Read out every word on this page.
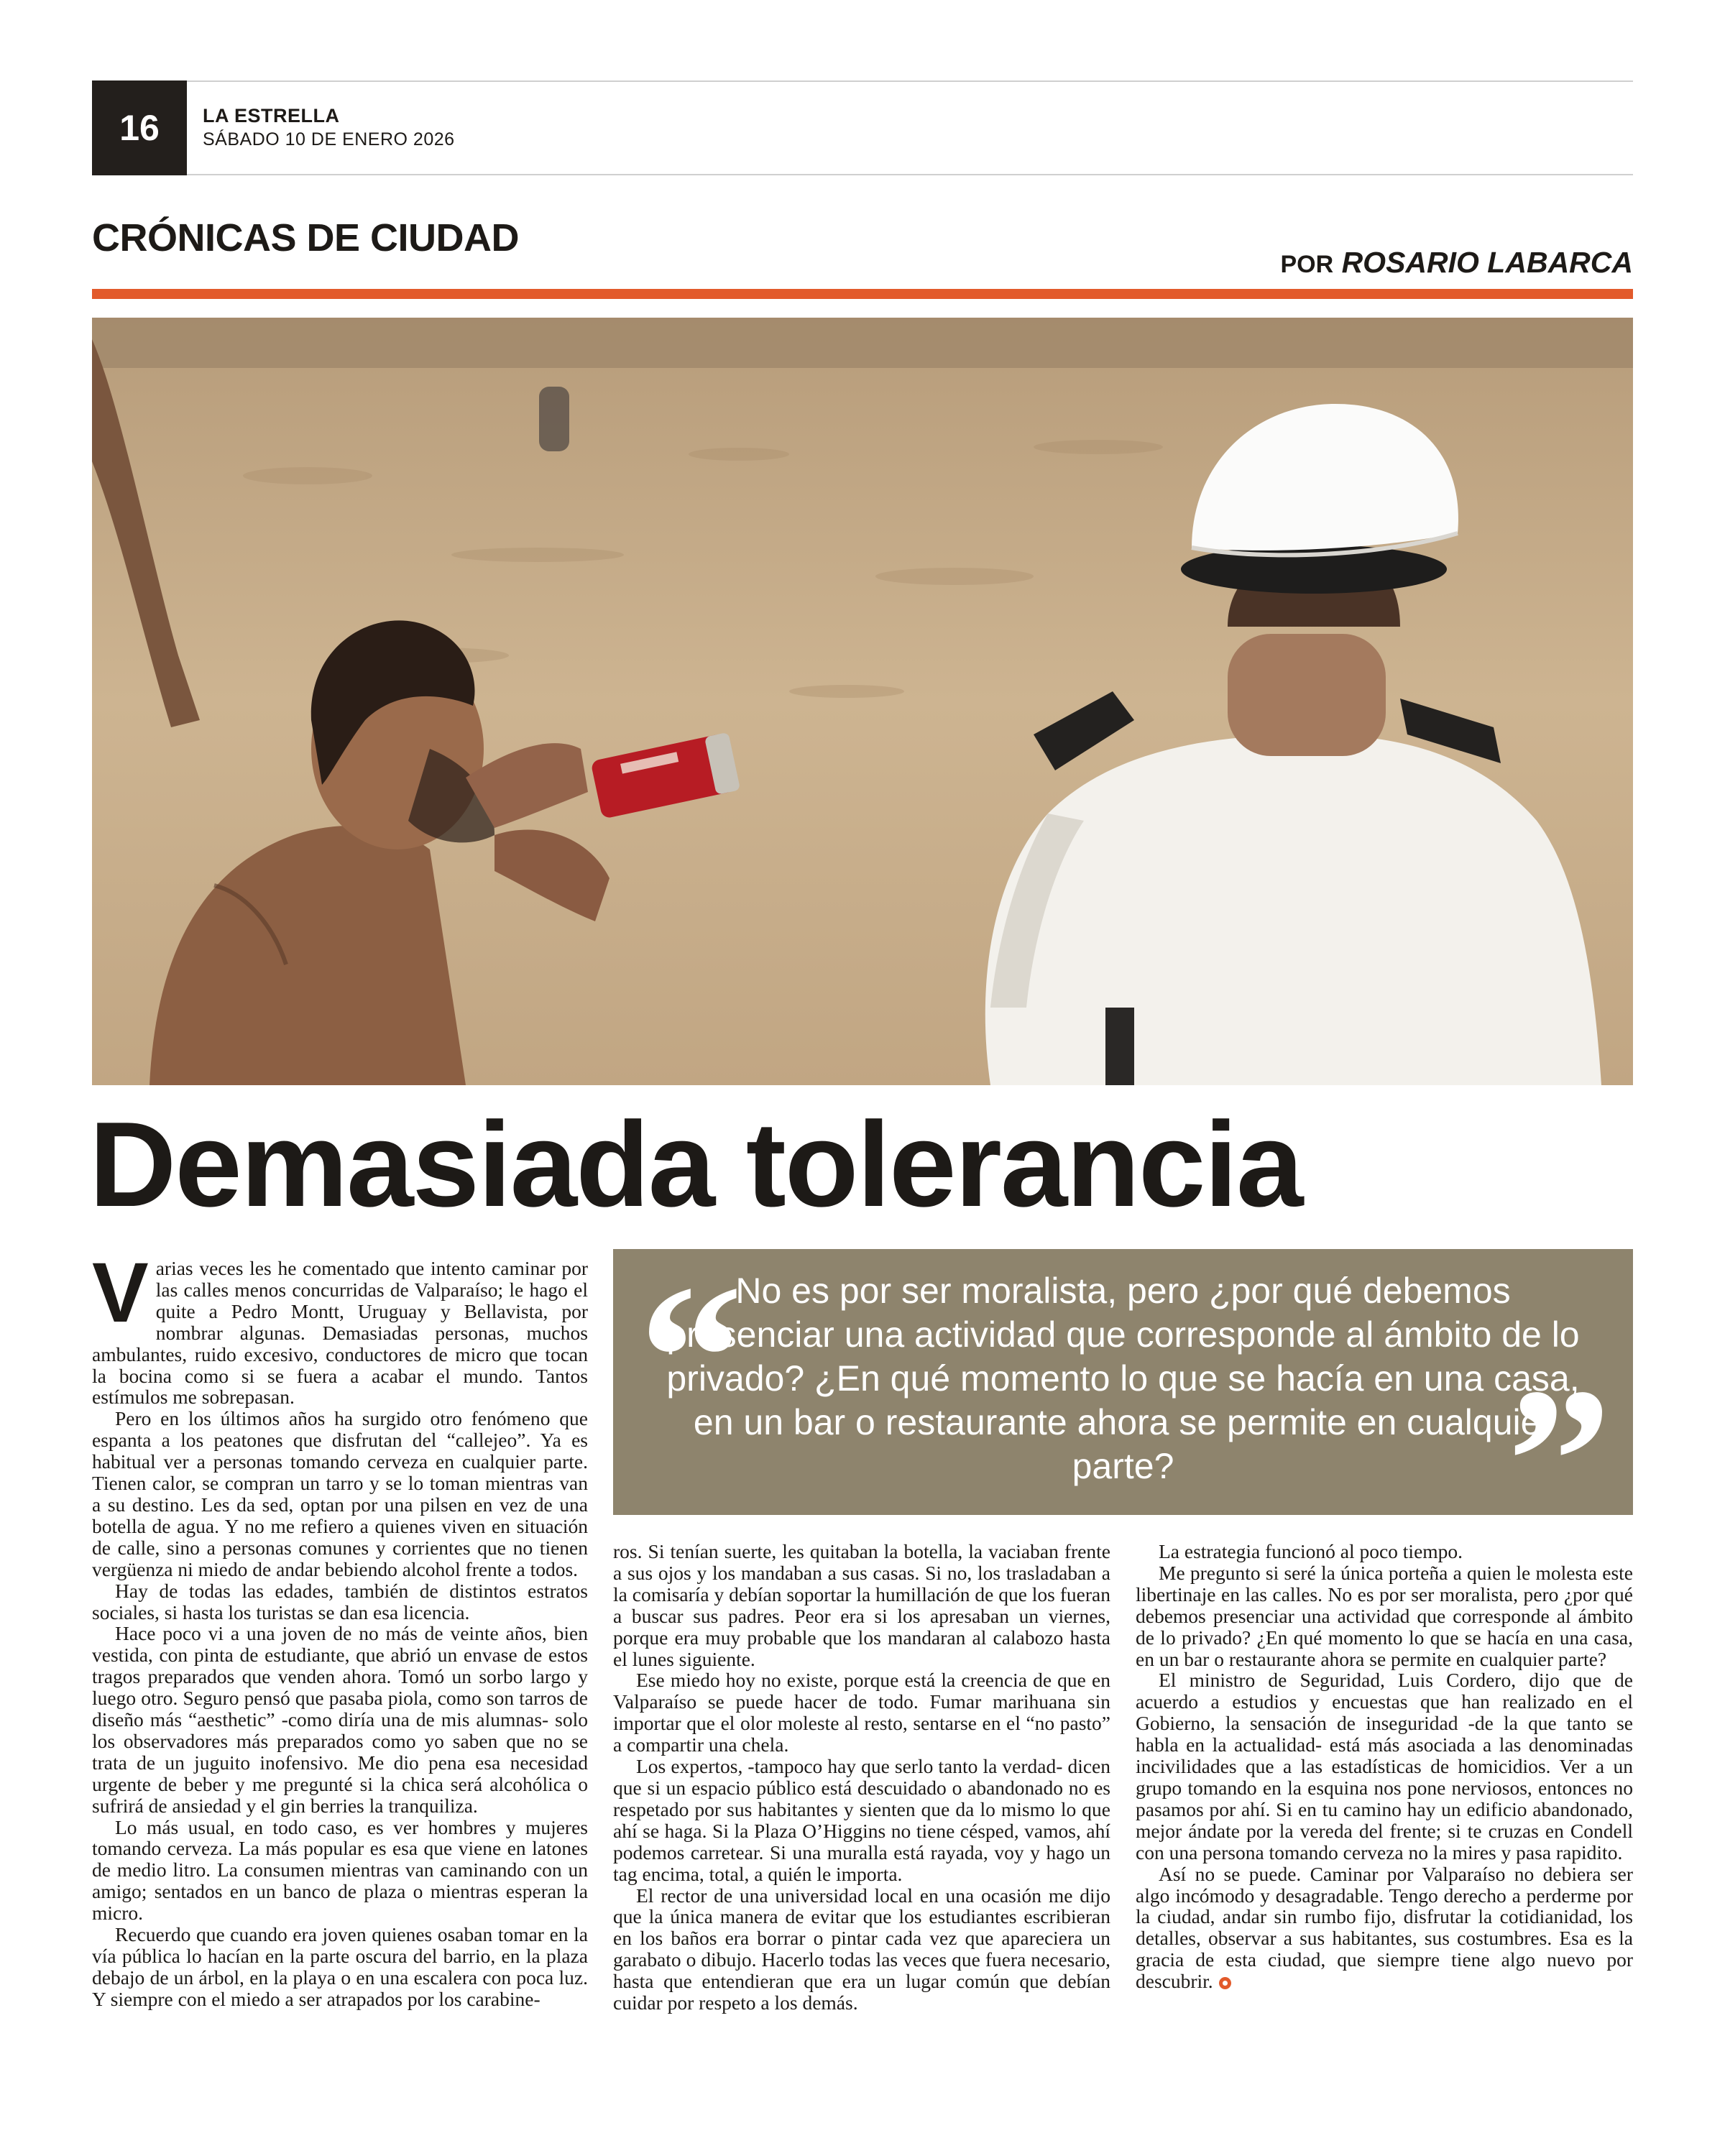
16	LA ESTRELLA
SÁBADO 10 DE ENERO 2026
CRÓNICAS DE CIUDAD
POR ROSARIO LABARCA
Demasiada tolerancia

Varias veces les he comentado que intento caminar por las calles menos concurridas de Valparaíso; le hago el quite a Pedro Montt, Uruguay y Bellavista, por nombrar algunas. Demasiadas personas, muchos ambulantes, ruido excesivo, conductores de micro que tocan la bocina como si se fuera a acabar el mundo. Tantos estímulos me sobrepasan.

Pero en los últimos años ha surgido otro fenómeno que espanta a los peatones que disfrutan del “callejeo”. Ya es habitual ver a personas tomando cerveza en cualquier parte. Tienen calor, se compran un tarro y se lo toman mientras van a su destino. Les da sed, optan por una pilsen en vez de una botella de agua. Y no me refiero a quienes viven en situación de calle, sino a personas comunes y corrientes que no tienen vergüenza ni miedo de andar bebiendo alcohol frente a todos.

Hay de todas las edades, también de distintos estratos sociales, si hasta los turistas se dan esa licencia.

Hace poco vi a una joven de no más de veinte años, bien vestida, con pinta de estudiante, que abrió un envase de estos tragos preparados que venden ahora. Tomó un sorbo largo y luego otro. Seguro pensó que pasaba piola, como son tarros de diseño más “aesthetic” -como diría una de mis alumnas- solo los observadores más preparados como yo saben que no se trata de un juguito inofensivo. Me dio pena esa necesidad urgente de beber y me pregunté si la chica será alcohólica o sufrirá de ansiedad y el gin berries la tranquiliza.

Lo más usual, en todo caso, es ver hombres y mujeres tomando cerveza. La más popular es esa que viene en latones de medio litro. La consumen mientras van caminando con un amigo; sentados en un banco de plaza o mientras esperan la micro.

Recuerdo que cuando era joven quienes osaban tomar en la vía pública lo hacían en la parte oscura del barrio, en la plaza debajo de un árbol, en la playa o en una escalera con poca luz. Y siempre con el miedo a ser atrapados por los carabine-

“
No es por ser moralista, pero ¿por qué debemos presenciar una actividad que corresponde al ámbito de lo privado? ¿En qué momento lo que se hacía en una casa, en un bar o restaurante ahora se permite en cualquier parte?	”

ros. Si tenían suerte, les quitaban la botella, la vaciaban frente a sus ojos y los mandaban a sus casas. Si no, los trasladaban a la comisaría y debían soportar la humillación de que los fueran a buscar sus padres. Peor era si los apresaban un viernes, porque era muy probable que los mandaran al calabozo hasta el lunes siguiente.

Ese miedo hoy no existe, porque está la creencia de que en Valparaíso se puede hacer de todo. Fumar marihuana sin importar que el olor moleste al resto, sentarse en el “no pasto” a compartir una chela.

Los expertos, -tampoco hay que serlo tanto la verdad- dicen que si un espacio público está descuidado o abandonado no es respetado por sus habitantes y sienten que da lo mismo lo que ahí se haga. Si la Plaza O’Higgins no tiene césped, vamos, ahí podemos carretear. Si una muralla está rayada, voy y hago un tag encima, total, a quién le importa.

El rector de una universidad local en una ocasión me dijo que la única manera de evitar que los estudiantes escribieran en los baños era borrar o pintar cada vez que apareciera un garabato o dibujo. Hacerlo todas las veces que fuera necesario, hasta que entendieran que era un lugar común que debían cuidar por respeto a los demás.

La estrategia funcionó al poco tiempo.

Me pregunto si seré la única porteña a quien le molesta este libertinaje en las calles. No es por ser moralista, pero ¿por qué debemos presenciar una actividad que corresponde al ámbito de lo privado? ¿En qué momento lo que se hacía en una casa, en un bar o restaurante ahora se permite en cualquier parte?

El ministro de Seguridad, Luis Cordero, dijo que de acuerdo a estudios y encuestas que han realizado en el Gobierno, la sensación de inseguridad -de la que tanto se habla en la actualidad- está más asociada a las denominadas incivilidades que a las estadísticas de homicidios. Ver a un grupo tomando en la esquina nos pone nerviosos, entonces no pasamos por ahí. Si en tu camino hay un edificio abandonado, mejor ándate por la vereda del frente; si te cruzas en Condell con una persona tomando cerveza no la mires y pasa rapidito.

Así no se puede. Caminar por Valparaíso no debiera ser algo incómodo y desagradable. Tengo derecho a perderme por la ciudad, andar sin rumbo fijo, disfrutar la cotidianidad, los detalles, observar a sus habitantes, sus costumbres. Esa es la gracia de esta ciudad, que siempre tiene algo nuevo por descubrir.
